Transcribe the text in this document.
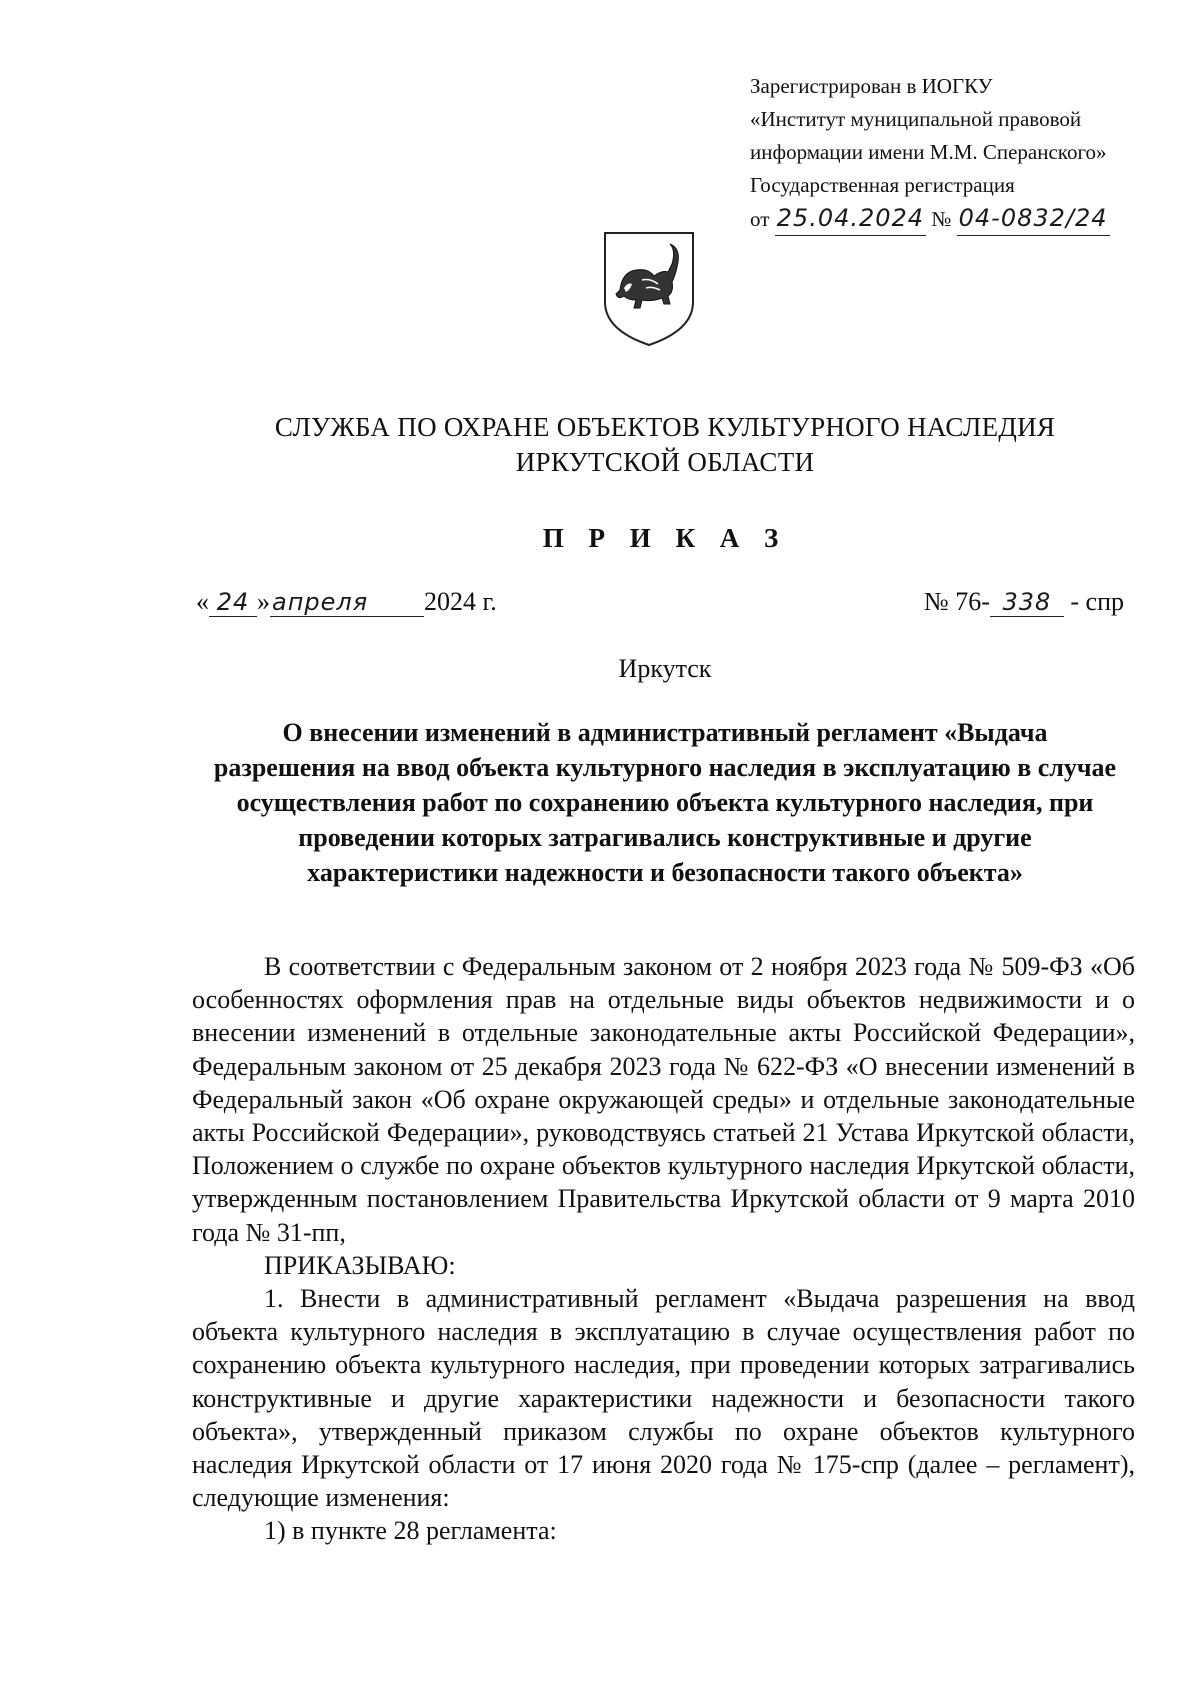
Зарегистрирован в ИОГКУ
«Институт муниципальной правовой
информации имени М.М. Сперанского»
Государственная регистрация
от 25.04.2024 № 04-0832/24
СЛУЖБА ПО ОХРАНЕ ОБЪЕКТОВ КУЛЬТУРНОГО НАСЛЕДИЯ
ИРКУТСКОЙ ОБЛАСТИ
П Р И К А З
« 24 »апреля 2024 г.	№ 76- 338 - спр
Иркутск
О внесении изменений в административный регламент «Выдача разрешения на ввод объекта культурного наследия в эксплуатацию в случае осуществления работ по сохранению объекта культурного наследия, при проведении которых затрагивались конструктивные и другие характеристики надежности и безопасности такого объекта»

В соответствии с Федеральным законом от 2 ноября 2023 года № 509-ФЗ «Об особенностях оформления прав на отдельные виды объектов недвижимости и о внесении изменений в отдельные законодательные акты Российской Федерации», Федеральным законом от 25 декабря 2023 года № 622-ФЗ «О внесении изменений в Федеральный закон «Об охране окружающей среды» и отдельные законодательные акты Российской Федерации», руководствуясь статьей 21 Устава Иркутской области, Положением о службе по охране объектов культурного наследия Иркутской области, утвержденным постановлением Правительства Иркутской области от 9 марта 2010 года № 31-пп,

ПРИКАЗЫВАЮ:

1. Внести в административный регламент «Выдача разрешения на ввод объекта культурного наследия в эксплуатацию в случае осуществления работ по сохранению объекта культурного наследия, при проведении которых затрагивались конструктивные и другие характеристики надежности и безопасности такого объекта», утвержденный приказом службы по охране объектов культурного наследия Иркутской области от 17 июня 2020 года № 175-спр (далее – регламент), следующие изменения:

1) в пункте 28 регламента:
